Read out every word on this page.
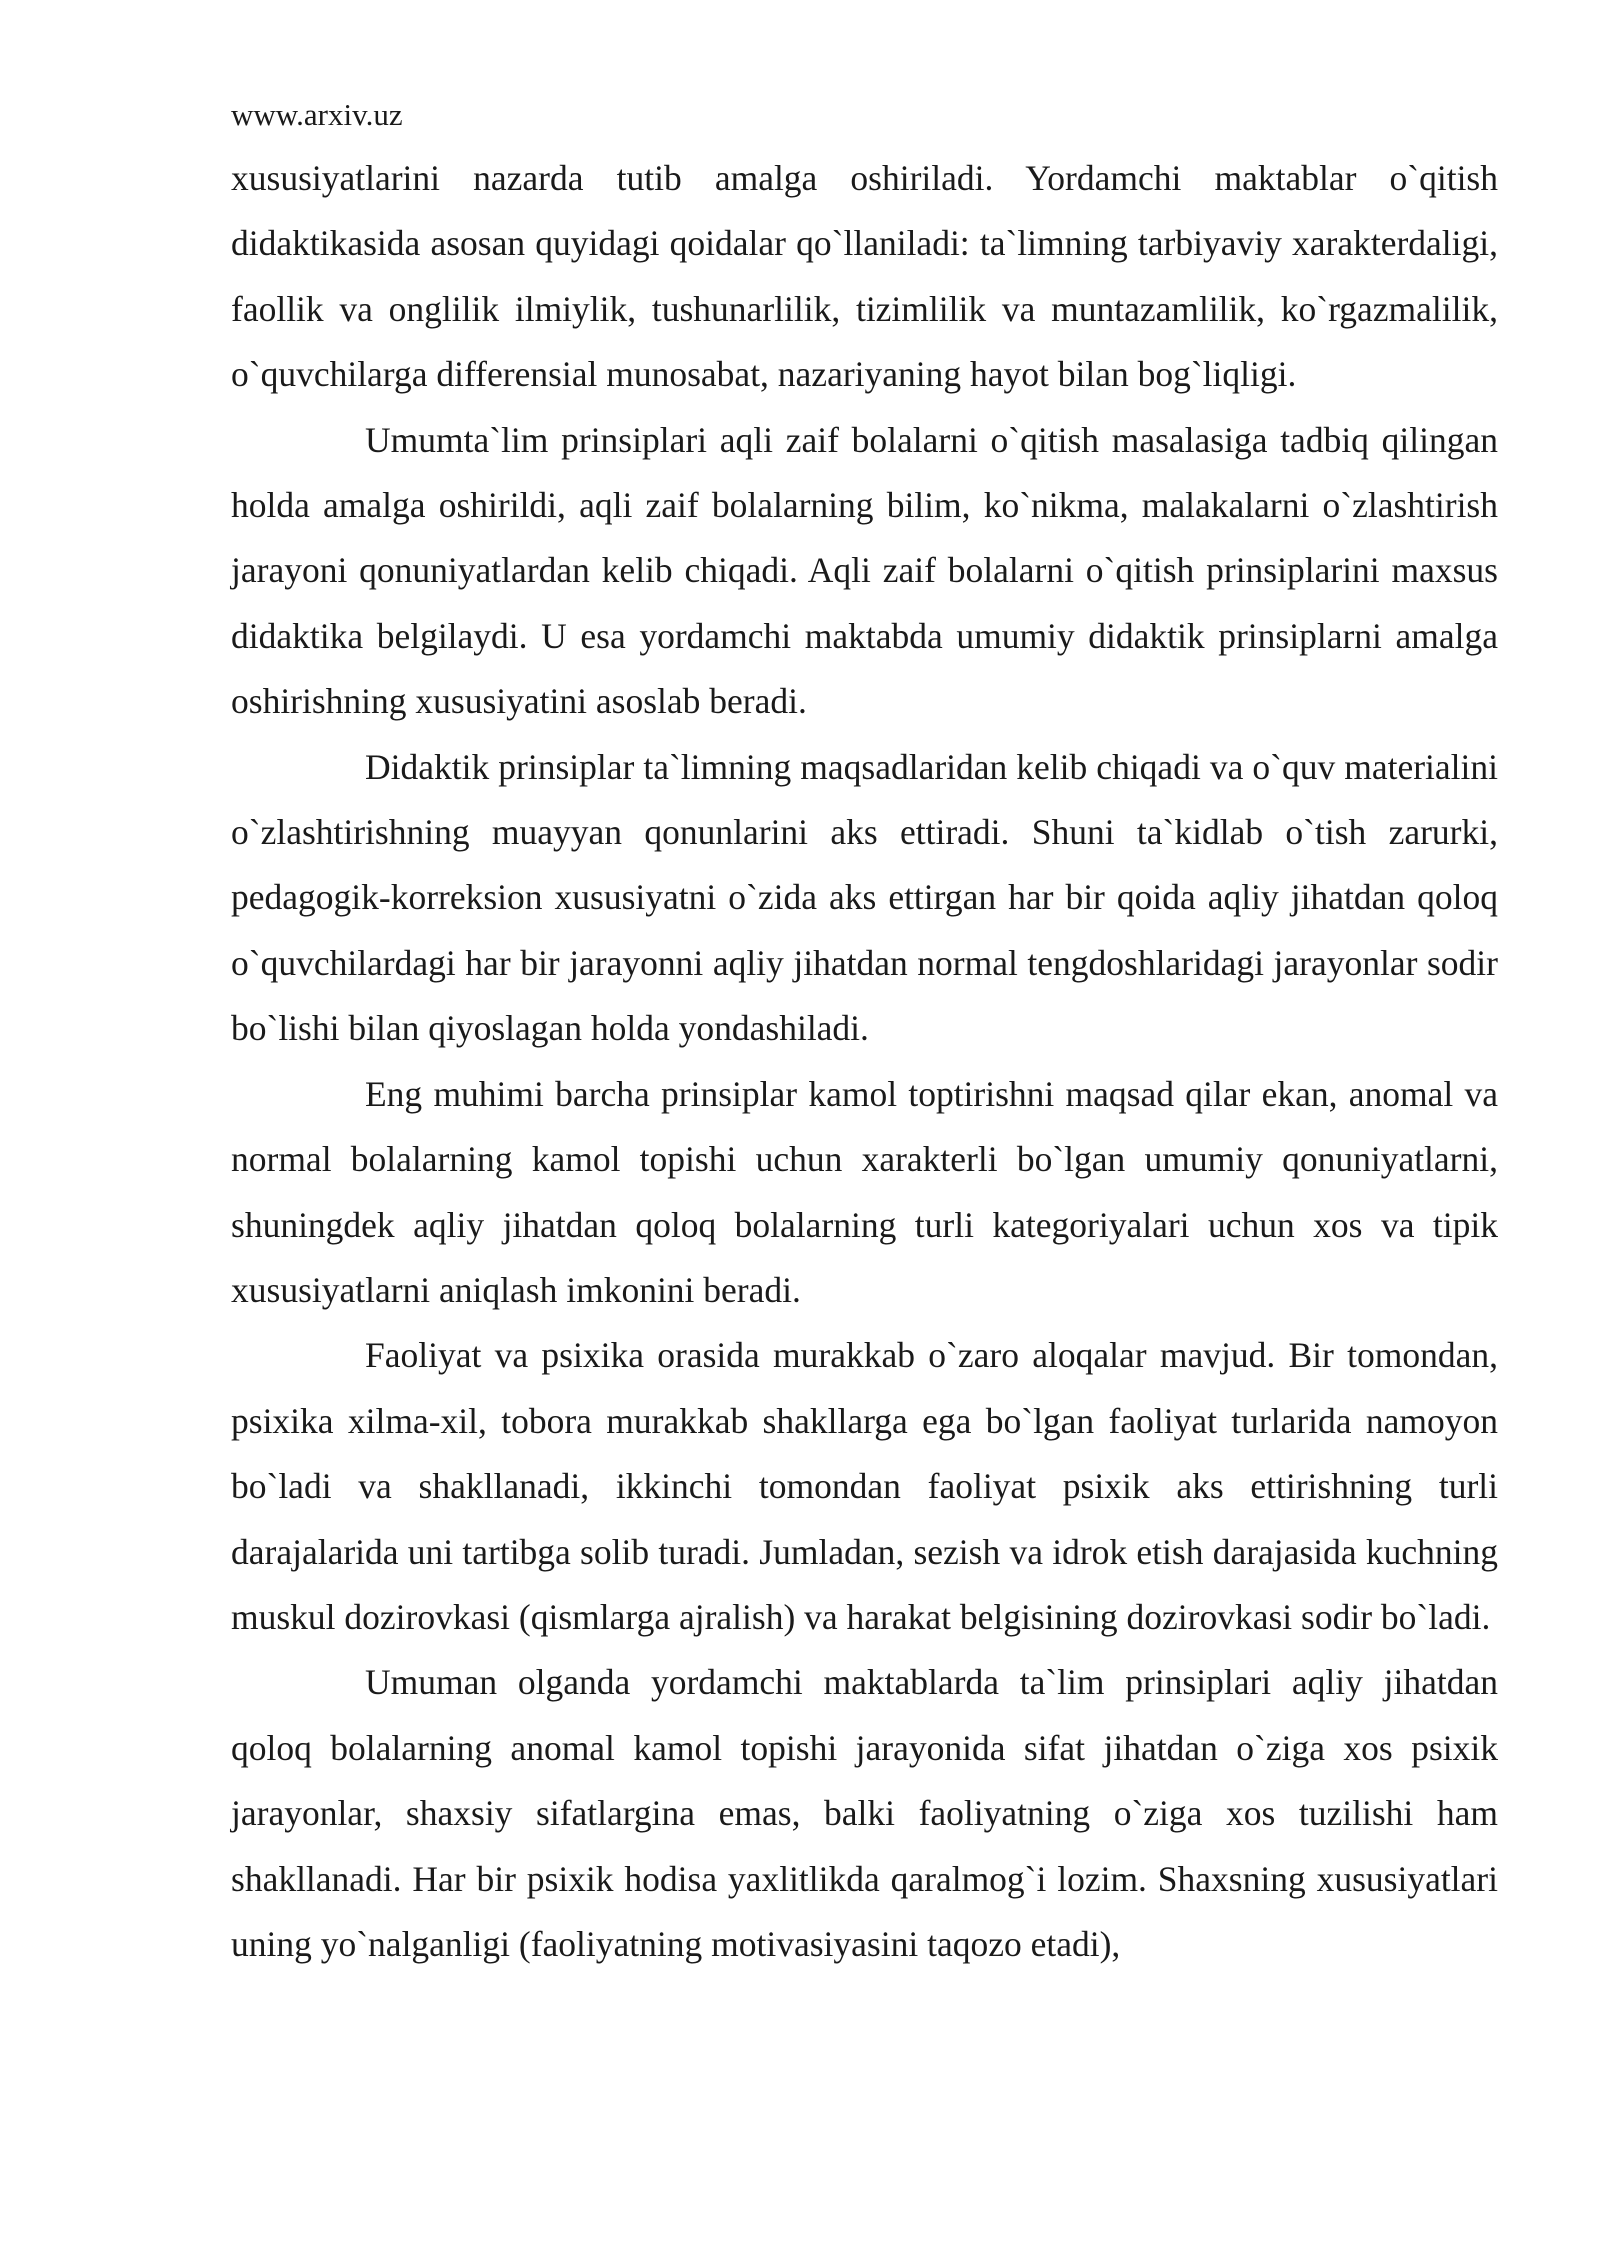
www.arxiv.uz

xususiyatlarini nazarda tutib amalga oshiriladi. Yordamchi maktablar o`qitish didaktikasida asosan quyidagi qoidalar qo`llaniladi: ta`limning tarbiyaviy xarakterdaligi, faollik va onglilik ilmiylik, tushunarlilik, tizimlilik va muntazamlilik, ko`rgazmalilik, o`quvchilarga differensial munosabat, nazariyaning hayot bilan bog`liqligi.

Umumta`lim prinsiplari aqli zaif bolalarni o`qitish masalasiga tadbiq qilingan holda amalga oshirildi, aqli zaif bolalarning bilim, ko`nikma, malakalarni o`zlashtirish jarayoni qonuniyatlardan kelib chiqadi. Aqli zaif bolalarni o`qitish prinsiplarini maxsus didaktika belgilaydi. U esa yordamchi maktabda umumiy didaktik prinsiplarni amalga oshirishning xususiyatini asoslab beradi.

Didaktik prinsiplar ta`limning maqsadlaridan kelib chiqadi va o`quv materialini o`zlashtirishning muayyan qonunlarini aks ettiradi. Shuni ta`kidlab o`tish zarurki, pedagogik-korreksion xususiyatni o`zida aks ettirgan har bir qoida aqliy jihatdan qoloq o`quvchilardagi har bir jarayonni aqliy jihatdan normal tengdoshlaridagi jarayonlar sodir bo`lishi bilan qiyoslagan holda yondashiladi.

Eng muhimi barcha prinsiplar kamol toptirishni maqsad qilar ekan, anomal va normal bolalarning kamol topishi uchun xarakterli bo`lgan umumiy qonuniyatlarni, shuningdek aqliy jihatdan qoloq bolalarning turli kategoriyalari uchun xos va tipik xususiyatlarni aniqlash imkonini beradi.

Faoliyat va psixika orasida murakkab o`zaro aloqalar mavjud. Bir tomondan, psixika xilma-xil, tobora murakkab shakllarga ega bo`lgan faoliyat turlarida namoyon bo`ladi va shakllanadi, ikkinchi tomondan faoliyat psixik aks ettirishning turli darajalarida uni tartibga solib turadi. Jumladan, sezish va idrok etish darajasida kuchning muskul dozirovkasi (qismlarga ajralish) va harakat belgisining dozirovkasi sodir bo`ladi.

Umuman olganda yordamchi maktablarda ta`lim prinsiplari aqliy jihatdan qoloq bolalarning anomal kamol topishi jarayonida sifat jihatdan o`ziga xos psixik jarayonlar, shaxsiy sifatlargina emas, balki faoliyatning o`ziga xos tuzilishi ham shakllanadi. Har bir psixik hodisa yaxlitlikda qaralmog`i lozim. Shaxsning xususiyatlari uning yo`nalganligi (faoliyatning motivasiyasini taqozo etadi),
